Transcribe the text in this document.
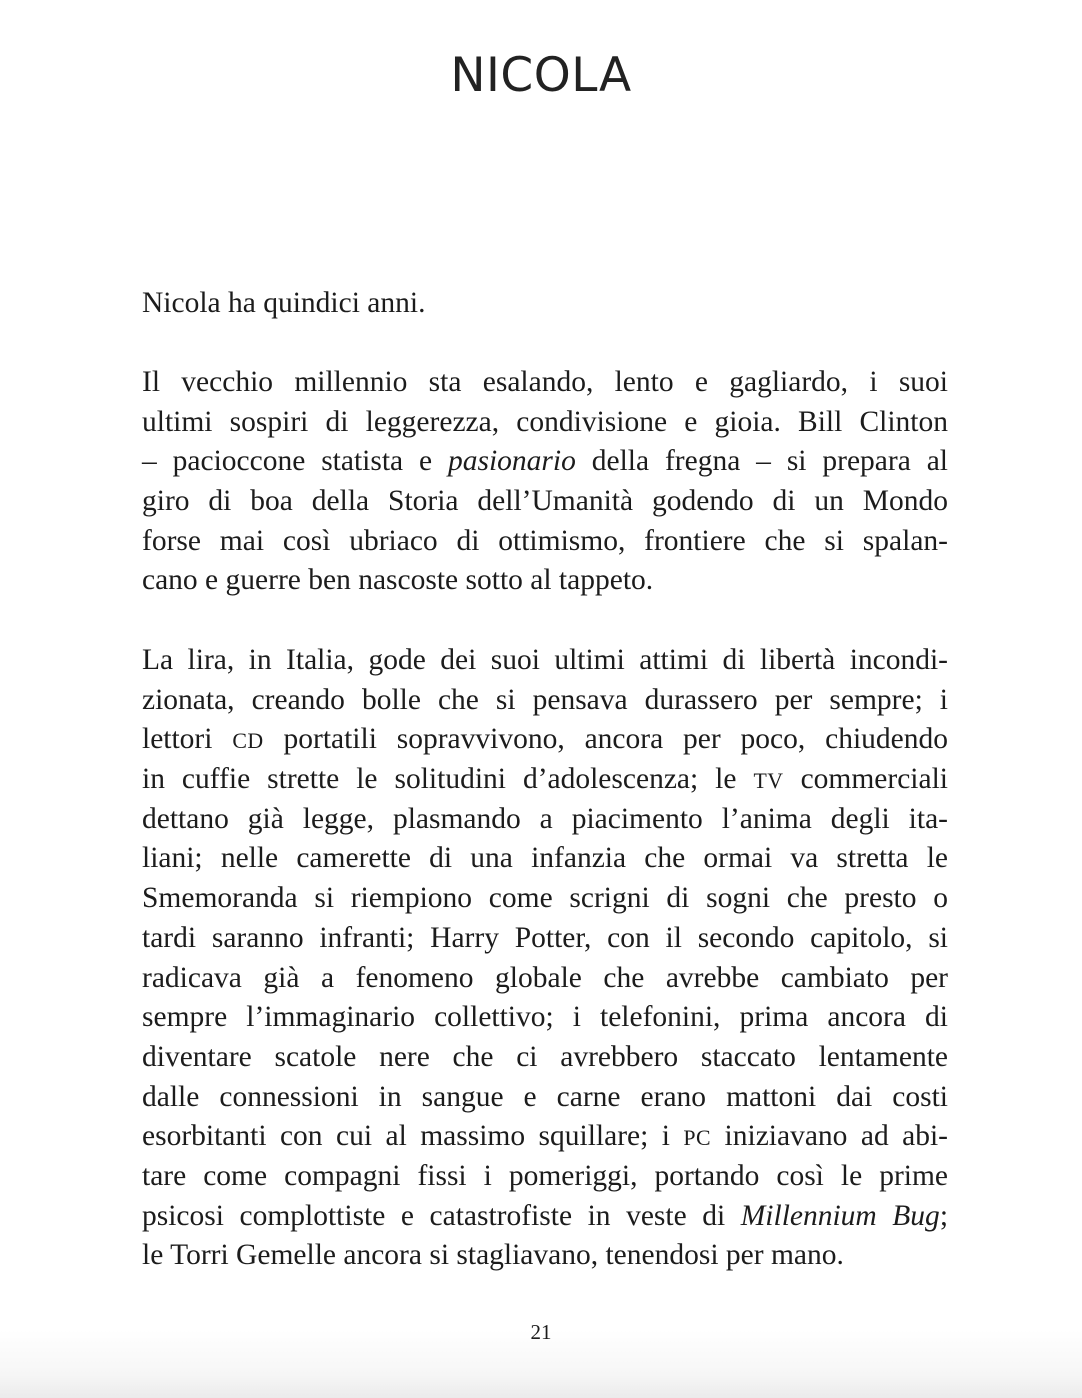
NICOLA
Nicola ha quindici anni.
Il vecchio millennio sta esalando, lento e gagliardo, i suoi
ultimi sospiri di leggerezza, condivisione e gioia. Bill Clinton
– pacioccone statista e pasionario della fregna – si prepara al
giro di boa della Storia dell’Umanità godendo di un Mondo
forse mai così ubriaco di ottimismo, frontiere che si spalan-
cano e guerre ben nascoste sotto al tappeto.
La lira, in Italia, gode dei suoi ultimi attimi di libertà incondi-
zionata, creando bolle che si pensava durassero per sempre; i
lettori CD portatili sopravvivono, ancora per poco, chiudendo
in cuffie strette le solitudini d’adolescenza; le TV commerciali
dettano già legge, plasmando a piacimento l’anima degli ita-
liani; nelle camerette di una infanzia che ormai va stretta le
Smemoranda si riempiono come scrigni di sogni che presto o
tardi saranno infranti; Harry Potter, con il secondo capitolo, si
radicava già a fenomeno globale che avrebbe cambiato per
sempre l’immaginario collettivo; i telefonini, prima ancora di
diventare scatole nere che ci avrebbero staccato lentamente
dalle connessioni in sangue e carne erano mattoni dai costi
esorbitanti con cui al massimo squillare; i PC iniziavano ad abi-
tare come compagni fissi i pomeriggi, portando così le prime
psicosi complottiste e catastrofiste in veste di Millennium Bug;
le Torri Gemelle ancora si stagliavano, tenendosi per mano.
21
